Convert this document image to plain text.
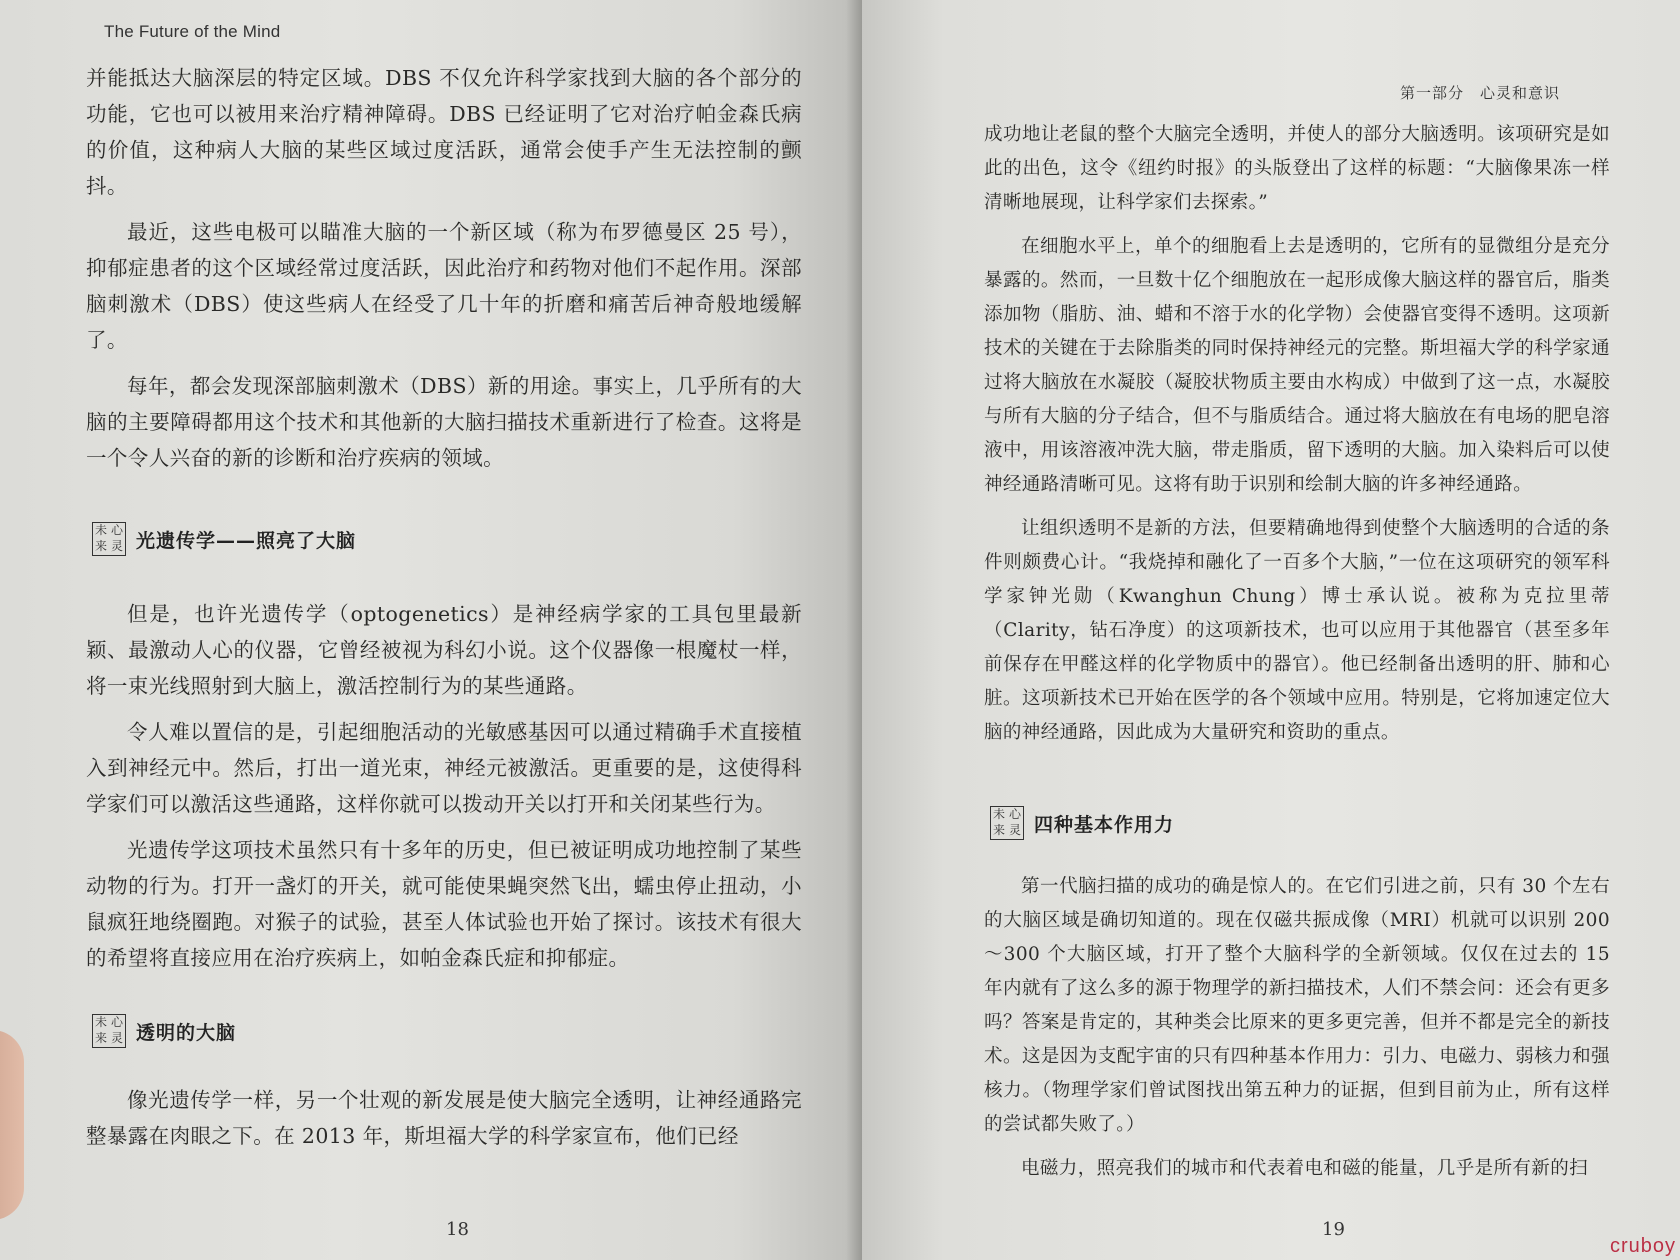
The Future of the Mind

并能抵达大脑深层的特定区域。DBS 不仅允许科学家找到大脑的各个部分的功能，它也可以被用来治疗精神障碍。DBS 已经证明了它对治疗帕金森氏病的价值，这种病人大脑的某些区域过度活跃，通常会使手产生无法控制的颤抖。

最近，这些电极可以瞄准大脑的一个新区域（称为布罗德曼区 25 号），抑郁症患者的这个区域经常过度活跃，因此治疗和药物对他们不起作用。深部脑刺激术（DBS）使这些病人在经受了几十年的折磨和痛苦后神奇般地缓解了。

每年，都会发现深部脑刺激术（DBS）新的用途。事实上，几乎所有的大脑的主要障碍都用这个技术和其他新的大脑扫描技术重新进行了检查。这将是一个令人兴奋的新的诊断和治疗疾病的领域。

未 心
来 灵 光遗传学——照亮了大脑

但是，也许光遗传学（optogenetics）是神经病学家的工具包里最新颖、最激动人心的仪器，它曾经被视为科幻小说。这个仪器像一根魔杖一样，将一束光线照射到大脑上，激活控制行为的某些通路。

令人难以置信的是，引起细胞活动的光敏感基因可以通过精确手术直接植入到神经元中。然后，打出一道光束，神经元被激活。更重要的是，这使得科学家们可以激活这些通路，这样你就可以拨动开关以打开和关闭某些行为。

光遗传学这项技术虽然只有十多年的历史，但已被证明成功地控制了某些动物的行为。打开一盏灯的开关，就可能使果蝇突然飞出，蠕虫停止扭动，小鼠疯狂地绕圈跑。对猴子的试验，甚至人体试验也开始了探讨。该技术有很大的希望将直接应用在治疗疾病上，如帕金森氏症和抑郁症。

未 心
来 灵 透明的大脑

像光遗传学一样，另一个壮观的新发展是使大脑完全透明，让神经通路完整暴露在肉眼之下。在 2013 年，斯坦福大学的科学家宣布，他们已经

18
第一部分　心灵和意识

成功地让老鼠的整个大脑完全透明，并使人的部分大脑透明。该项研究是如此的出色，这令《纽约时报》的头版登出了这样的标题：“大脑像果冻一样清晰地展现，让科学家们去探索。”

在细胞水平上，单个的细胞看上去是透明的，它所有的显微组分是充分暴露的。然而，一旦数十亿个细胞放在一起形成像大脑这样的器官后，脂类添加物（脂肪、油、蜡和不溶于水的化学物）会使器官变得不透明。这项新技术的关键在于去除脂类的同时保持神经元的完整。斯坦福大学的科学家通过将大脑放在水凝胶（凝胶状物质主要由水构成）中做到了这一点，水凝胶与所有大脑的分子结合，但不与脂质结合。通过将大脑放在有电场的肥皂溶液中，用该溶液冲洗大脑，带走脂质，留下透明的大脑。加入染料后可以使神经通路清晰可见。这将有助于识别和绘制大脑的许多神经通路。

让组织透明不是新的方法，但要精确地得到使整个大脑透明的合适的条件则颇费心计。“我烧掉和融化了一百多个大脑，”一位在这项研究的领军科学家钟光勋（Kwanghun Chung）博士承认说。被称为克拉里蒂（Clarity，钻石净度）的这项新技术，也可以应用于其他器官（甚至多年前保存在甲醛这样的化学物质中的器官）。他已经制备出透明的肝、肺和心脏。这项新技术已开始在医学的各个领域中应用。特别是，它将加速定位大脑的神经通路，因此成为大量研究和资助的重点。

未 心
来 灵 四种基本作用力

第一代脑扫描的成功的确是惊人的。在它们引进之前，只有 30 个左右的大脑区域是确切知道的。现在仅磁共振成像（MRI）机就可以识别 200～300 个大脑区域，打开了整个大脑科学的全新领域。仅仅在过去的 15 年内就有了这么多的源于物理学的新扫描技术，人们不禁会问：还会有更多吗？答案是肯定的，其种类会比原来的更多更完善，但并不都是完全的新技术。这是因为支配宇宙的只有四种基本作用力：引力、电磁力、弱核力和强核力。（物理学家们曾试图找出第五种力的证据，但到目前为止，所有这样的尝试都失败了。）

电磁力，照亮我们的城市和代表着电和磁的能量，几乎是所有新的扫

19
cruboy
